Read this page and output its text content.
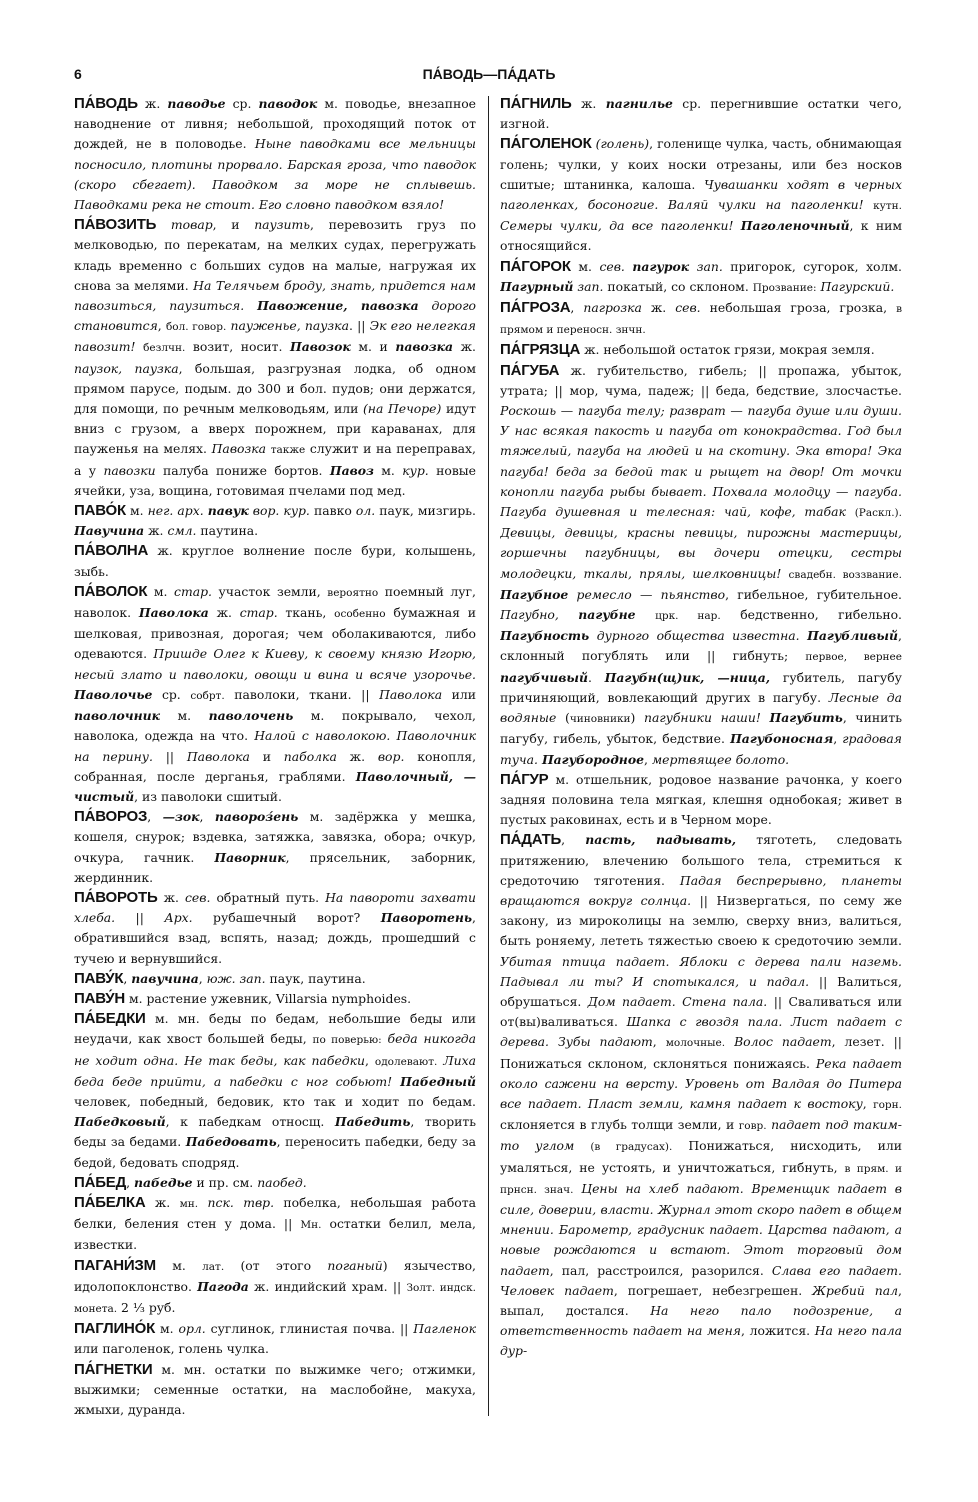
6	ПА́ВОДЬ—ПА́ДАТЬ

ПА́ВОДЬ ж. паводье ср. паводок м. поводье, внезапное наводнение от ливня; небольшой, проходящий поток от дождей, не в половодье. Ныне паводками все мельницы посносило, плотины прорвало. Барская гроза, что паводок (скоро сбегает). Паводком за море не сплывешь. Паводками река не стоит. Его словно паводком взяло!

ПА́ВОЗИТЬ товар, и паузить, перевозить груз по мелководью, по перекатам, на мелких судах, перегружать кладь временно с больших судов на малые, нагружая их снова за мелями. На Телячьем броду, знать, придется нам павозиться, паузиться. Павожение, павозка дорого становится, бол. говор. пауженье, паузка. || Эк его нелегкая павозит! безлчн. возит, носит. Павозок м. и павозка ж. паузок, паузка, большая, разгрузная лодка, об одном прямом парусе, подым. до 300 и бол. пудов; они держатся, для помощи, по речным мелководьям, или (на Печоре) идут вниз с грузом, а вверх порожнем, при караванах, для пауженья на мелях. Павозка также служит и на переправах, а у павозки палуба пониже бортов. Павоз м. кур. новые ячейки, уза, вощина, готовимая пчелами под мед.

ПАВО́К м. нег. арх. павук вор. кур. павко ол. паук, мизгирь. Павучина ж. смл. паутина.

ПА́ВОЛНА ж. круглое волнение после бури, колышень, зыбь.

ПА́ВОЛОК м. стар. участок земли, вероятно поемный луг, наволок. Паволока ж. стар. ткань, особенно бумажная и шелковая, привозная, дорогая; чем оболакиваются, либо одеваются. Пришде Олег к Киеву, к своему князю Игорю, несый злато и паволоки, овощи и вина и всяче узорочье. Паволочье ср. собрт. паволоки, ткани. || Паволока или паволочник м. паволочень м. покрывало, чехол, наволока, одежда на что. Налой с наволокою. Паволочник на перину. || Паволока и паболка ж. вор. конопля, собранная, после дерганья, граблями. Паволочный, —чистый, из паволоки сшитый.

ПА́ВОРОЗ, —зок, павороз́ень м. задёржка у мешка, кошеля, снурок; вздевка, затяжка, завязка, обора; очкур, очкура, гачник. Паворник, прясельник, заборник, жердинник.

ПА́ВОРОТЬ ж. сев. обратный путь. На павороти захвати хлеба. || Арх. рубашечный ворот? Паворотень, обратившийся взад, вспять, назад; дождь, прошедший с тучею и вернувшийся.

ПАВУ́К, павучина, юж. зап. паук, паутина.

ПАВУ́Н м. растение ужевник, Villarsia nymphoides.

ПА́БЕДКИ м. мн. беды по бедам, небольшие беды или неудачи, как хвост большей беды, по поверью: беда никогда не ходит одна. Не так беды, как пабедки, одолевают. Лиха беда беде прийти, а пабедки с ног собьют! Пабедный человек, победный, бедовик, кто так и ходит по бедам. Пабедковый, к пабедкам относщ. Пабедить, творить беды за бедами. Пабедовать, переносить пабедки, беду за бедой, бедовать сподряд.

ПА́БЕД, пабедье и пр. см. паобед.

ПА́БЕЛКА ж. мн. пск. твр. побелка, небольшая работа белки, беления стен у дома. || Мн. остатки белил, мела, известки.

ПАГАНИ́ЗМ м. лат. (от этого поганый) язычество, идолопоклонство. Пагода ж. индийский храм. || Золт. индск. монета. 2 ⅓ руб.

ПАГЛИНО́К м. орл. суглинок, глинистая почва. || Пагленок или паголенок, голень чулка.

ПА́ГНЕТКИ м. мн. остатки по выжимке чего; отжимки, выжимки; семенные остатки, на маслобойне, макуха, жмыхи, дуранда.

ПА́ГНИЛЬ ж. пагнилье ср. перегнившие остатки чего, изгной.

ПА́ГОЛЕНОК (голень), голенище чулка, часть, обнимающая голень; чулки, у коих носки отрезаны, или без носков сшитые; штанинка, калоша. Чувашанки ходят в черных паголенках, босоногие. Валяй чулки на паголенки! кутн. Семеры чулки, да все паголенки! Паголеночный, к ним относящийся.

ПА́ГОРОК м. сев. пагурок зап. пригорок, сугорок, холм. Пагурный зап. покатый, со склоном. Прозвание: Пагурский.

ПА́ГРОЗА, пагрозка ж. сев. небольшая гроза, грозка, в прямом и переносн. знчн.

ПА́ГРЯЗЦА ж. небольшой остаток грязи, мокрая земля.

ПА́ГУБА ж. губительство, гибель; || пропажа, убыток, утрата; || мор, чума, падеж; || беда, бедствие, злосчастье. Роскошь — пагуба телу; разврат — пагуба душе или души. У нас всякая пакость и пагуба от конокрадства. Год был тяжелый, пагуба на людей и на скотину. Эка втора! Эка пагуба! беда за бедой так и рыщет на двор! От мочки конопли пагуба рыбы бывает. Похвала молодцу — пагуба. Пагуба душевная и телесная: чай, кофе, табак (Раскл.). Девицы, девицы, красны певицы, пирожны мастерицы, горшечны пагубницы, вы дочери отецки, сестры молодецки, ткалы, прялы, шелковницы! свадебн. воззвание. Пагубное ремесло — пьянство, гибельное, губительное. Пагубно, пагубне црк. нар. бедственно, гибельно. Пагубность дурного общества известна. Пагубливый, склонный погублять или || гибнуть; первое, вернее пагубчивый. Пагубн(щ)ик, —ница, губитель, пагубу причиняющий, вовлекающий других в пагубу. Лесные да водяные (чиновники) пагубники наши! Пагубить, чинить пагубу, гибель, убыток, бедствие. Пагубоносная, градовая туча. Пагубородное, мертвящее болото.

ПА́ГУР м. отшельник, родовое название рачонка, у коего задняя половина тела мягкая, клешня однобокая; живет в пустых раковинах, есть и в Черном море.

ПА́ДАТЬ, пасть, падывать, тяготеть, следовать притяжению, влечению большого тела, стремиться к средоточию тяготения. Падая беспрерывно, планеты вращаются вокруг солнца. || Низвергаться, по сему же закону, из мироколицы на землю, сверху вниз, валиться, быть роняему, лететь тяжестью своею к средоточию земли. Убитая птица падает. Яблоки с дерева пали наземь. Падывал ли ты? И спотыкался, и падал. || Валиться, обрушаться. Дом падает. Стена пала. || Сваливаться или от(вы)валиваться. Шапка с гвоздя пала. Лист падает с дерева. Зубы падают, молочные. Волос падает, лезет. || Понижаться склоном, склоняться понижаясь. Река падает около сажени на версту. Уровень от Валдая до Питера все падает. Пласт земли, камня падает к востоку, горн. склоняется в глубь толщи земли, и говр. падает под таким-то углом (в градусах). Понижаться, нисходить, или умаляться, не устоять, и уничтожаться, гибнуть, в прям. и прнсн. знач. Цены на хлеб падают. Временщик падает в силе, доверии, власти. Журнал этот скоро падет в общем мнении. Барометр, градусник падает. Царства падают, а новые рождаются и встают. Этот торговый дом падает, пал, расстроился, разорился. Слава его падает. Человек падает, погрешает, небезгрешен. Жребий пал, выпал, достался. На него пало подозрение, а ответственность падает на меня, ложится. На него пала дур-
